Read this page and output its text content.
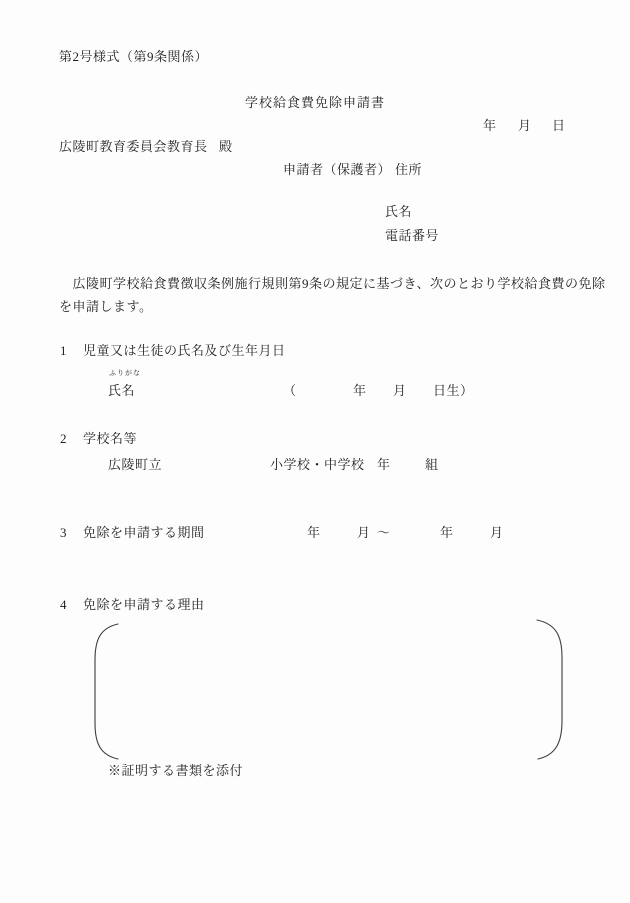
第2号様式（第9条関係）
学校給食費免除申請書
年 月 日
広陵町教育委員会教育長 殿
申請者（保護者） 住所
氏名
電話番号
　広陵町学校給食費徴収条例施行規則第9条の規定に基づき、次のとおり学校給食費の免除
を申請します。
1 児童又は生徒の氏名及び生年月日
ふりがな
氏名	（	年 月 日生）
2 学校名等
広陵町立	小学校・中学校 年	組
3 免除を申請する期間	年	月 ～	年	月
4 免除を申請する理由
※証明する書類を添付
